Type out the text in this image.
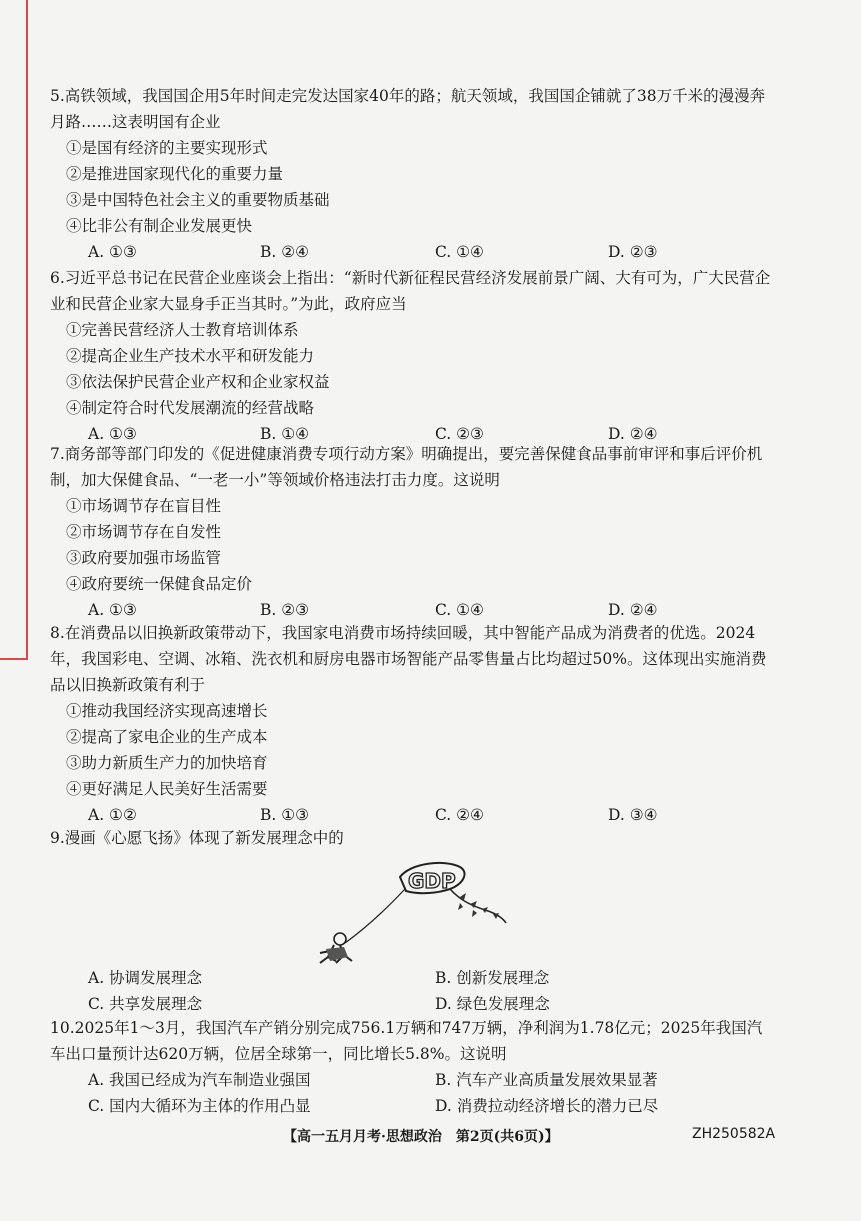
5.高铁领域，我国国企用5年时间走完发达国家40年的路；航天领域，我国国企铺就了38万千米的漫漫奔月路……这表明国有企业

①是国有经济的主要实现形式

②是推进国家现代化的重要力量

③是中国特色社会主义的重要物质基础

④比非公有制企业发展更快

A. ①③	B. ②④	C. ①④	D. ②③

6.习近平总书记在民营企业座谈会上指出：“新时代新征程民营经济发展前景广阔、大有可为，广大民营企业和民营企业家大显身手正当其时。”为此，政府应当

①完善民营经济人士教育培训体系

②提高企业生产技术水平和研发能力

③依法保护民营企业产权和企业家权益

④制定符合时代发展潮流的经营战略

A. ①③	B. ①④	C. ②③	D. ②④

7.商务部等部门印发的《促进健康消费专项行动方案》明确提出，要完善保健食品事前审评和事后评价机制，加大保健食品、“一老一小”等领域价格违法打击力度。这说明

①市场调节存在盲目性

②市场调节存在自发性

③政府要加强市场监管

④政府要统一保健食品定价

A. ①③	B. ②③	C. ①④	D. ②④

8.在消费品以旧换新政策带动下，我国家电消费市场持续回暖，其中智能产品成为消费者的优选。2024年，我国彩电、空调、冰箱、洗衣机和厨房电器市场智能产品零售量占比均超过50%。这体现出实施消费品以旧换新政策有利于

①推动我国经济实现高速增长

②提高了家电企业的生产成本

③助力新质生产力的加快培育

④更好满足人民美好生活需要

A. ①②	B. ①③	C. ②④	D. ③④

9.漫画《心愿飞扬》体现了新发展理念中的

GDP
A. 协调发展理念	B. 创新发展理念
C. 共享发展理念	D. 绿色发展理念

10.2025年1～3月，我国汽车产销分别完成756.1万辆和747万辆，净利润为1.78亿元；2025年我国汽车出口量预计达620万辆，位居全球第一，同比增长5.8%。这说明

A. 我国已经成为汽车制造业强国	B. 汽车产业高质量发展效果显著
C. 国内大循环为主体的作用凸显	D. 消费拉动经济增长的潜力已尽
【高一五月月考·思想政治　第2页(共6页)】	ZH250582A
